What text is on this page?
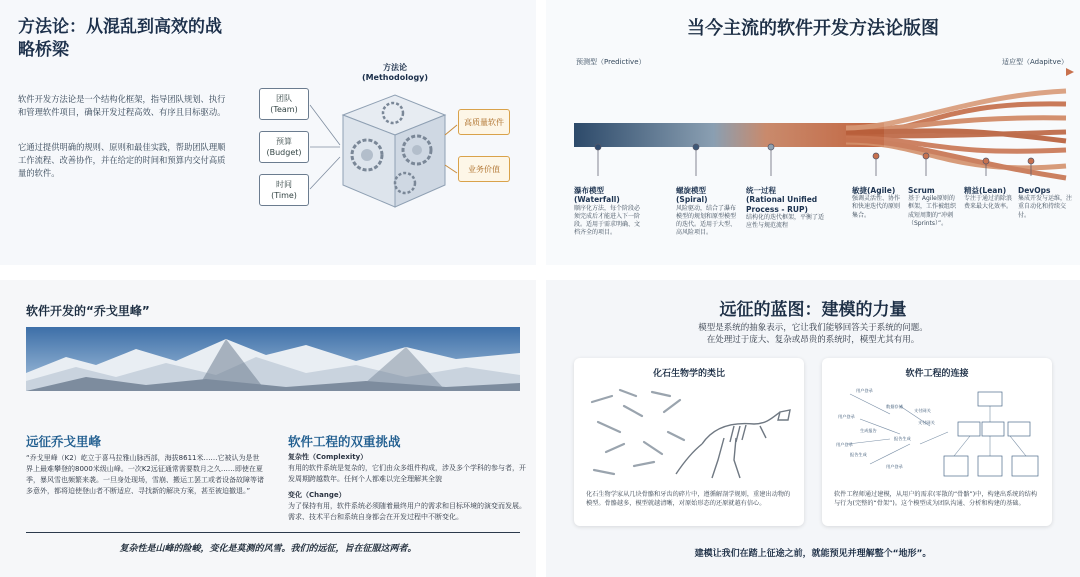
方法论：从混乱到高效的战略桥梁
软件开发方法论是一个结构化框架，指导团队规划、执行和管理软件项目，确保开发过程高效、有序且目标驱动。
它通过提供明确的规则、原则和最佳实践，帮助团队理顺工作流程、改善协作，并在给定的时间和预算内交付高质量的软件。
方法论
(Methodology)
团队
(Team)
预算
(Budget)
时间
(Time)
高质量软件
业务价值
当今主流的软件开发方法论版图
预测型（Predictive）	适应型（Adapitve）
瀑布模型
(Waterfall)
顺序化方法，每个阶段必须完成后才能进入下一阶段。适用于需求明确、文档齐全的项目。
螺旋模型
(Spiral)
风险驱动，结合了瀑布模型的规划和原型模型的迭代。适用于大型、高风险项目。
统一过程
(Rational Unified
Process - RUP)
结构化的迭代框架，平衡了适应性与规范流程
敏捷(Agile)
强调灵活性、协作和快速迭代的原则集合。
Scrum
基于 Agile原则的框架，工作被组织成短周期的“冲刺（Sprints）”。
精益(Lean)
专注于通过消除浪费来最大化效率。
DevOps
集成开发与运维，注重自动化和持续交付。
软件开发的“乔戈里峰”
远征乔戈里峰
“乔戈里峰（K2）屹立于喜马拉雅山脉西部，海拔8611米……它被认为是世界上最难攀登的8000米级山峰。一次K2远征通常需要数月之久……即使在夏季，暴风雪也频繁来袭。一旦身处现场，雪崩、搬运工罢工或者设备故障等诸多意外，都将迫使登山者不断适应、寻找新的解决方案，甚至被迫撤退。”
软件工程的双重挑战
复杂性（Complexity）
有用的软件系统是复杂的，它们由众多组件构成，涉及多个学科的参与者，开发周期跨越数年。任何个人都难以完全理解其全貌
变化（Change）
为了保持有用，软件系统必须随着最终用户的需求和目标环境的演变而发展。需求、技术平台和系统自身都会在开发过程中不断变化。
复杂性是山峰的险峻，变化是莫测的风雪。我们的远征，旨在征服这两者。
远征的蓝图：建模的力量
模型是系统的抽象表示，它让我们能够回答关于系统的问题。
在处理过于庞大、复杂或昂贵的系统时，模型尤其有用。
化石生物学的类比
化石生物学家从几块骨骼和牙齿的碎片中，遵循解剖学规则，重建出动物的模型。骨骼越多，模型就越清晰，对原始形态的还原就越有信心。
软件工程的连接
用户登录
数据存储
支付网关
用户登录
生成报告
报告生成
用户登录
支付网关
报告生成
用户登录
软件工程师通过建模，从用户的需求(零散的“骨骼”)中，构建出系统的结构与行为(完整的“骨架”)。这个模型成为团队沟通、分析和构建的基础。
建模让我们在踏上征途之前，就能预见并理解整个“地形”。
